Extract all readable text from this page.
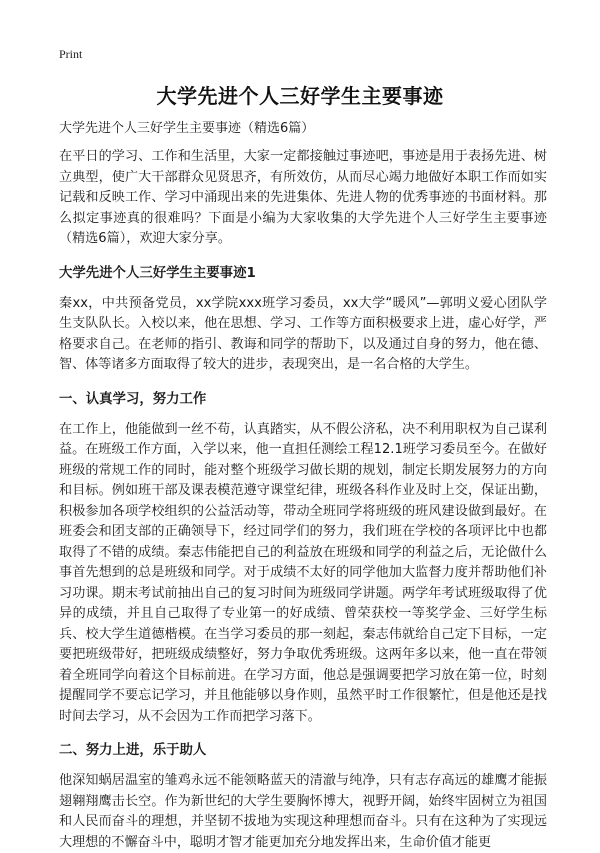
Print
大学先进个人三好学生主要事迹
大学先进个人三好学生主要事迹（精选6篇）

在平日的学习、工作和生活里，大家一定都接触过事迹吧，事迹是用于表扬先进、树立典型，使广大干部群众见贤思齐，有所效仿，从而尽心竭力地做好本职工作而如实记载和反映工作、学习中涌现出来的先进集体、先进人物的优秀事迹的书面材料。那么拟定事迹真的很难吗？下面是小编为大家收集的大学先进个人三好学生主要事迹（精选6篇），欢迎大家分享。

大学先进个人三好学生主要事迹1

秦xx，中共预备党员，xx学院xxx班学习委员，xx大学“暖风”—郭明义爱心团队学生支队队长。入校以来，他在思想、学习、工作等方面积极要求上进，虚心好学，严格要求自己。在老师的指引、教诲和同学的帮助下，以及通过自身的努力，他在德、智、体等诸多方面取得了较大的进步，表现突出，是一名合格的大学生。

一、认真学习，努力工作

在工作上，他能做到一丝不苟，认真踏实，从不假公济私，决不利用职权为自己谋利益。在班级工作方面，入学以来，他一直担任测绘工程12.1班学习委员至今。在做好班级的常规工作的同时，能对整个班级学习做长期的规划，制定长期发展努力的方向和目标。例如班干部及课表模范遵守课堂纪律，班级各科作业及时上交，保证出勤，积极参加各项学校组织的公益活动等，带动全班同学将班级的班风建设做到最好。在班委会和团支部的正确领导下，经过同学们的努力，我们班在学校的各项评比中也都取得了不错的成绩。秦志伟能把自己的利益放在班级和同学的利益之后，无论做什么事首先想到的总是班级和同学。对于成绩不太好的同学他加大监督力度并帮助他们补习功课。期末考试前抽出自己的复习时间为班级同学讲题。两学年考试班级取得了优异的成绩，并且自己取得了专业第一的好成绩、曾荣获校一等奖学金、三好学生标兵、校大学生道德楷模。在当学习委员的那一刻起，秦志伟就给自己定下目标，一定要把班级带好，把班级成绩整好，努力争取优秀班级。这两年多以来，他一直在带领着全班同学向着这个目标前进。在学习方面，他总是强调要把学习放在第一位，时刻提醒同学不要忘记学习，并且他能够以身作则，虽然平时工作很繁忙，但是他还是找时间去学习，从不会因为工作而把学习落下。

二、努力上进，乐于助人

他深知蜗居温室的雏鸡永远不能领略蓝天的清澈与纯净，只有志存高远的雄鹰才能振翅翱翔鹰击长空。作为新世纪的大学生要胸怀博大，视野开阔，始终牢固树立为祖国和人民而奋斗的理想，并坚韧不拔地为实现这种理想而奋斗。只有在这种为了实现远大理想的不懈奋斗中，聪明才智才能更加充分地发挥出来，生命价值才能更
